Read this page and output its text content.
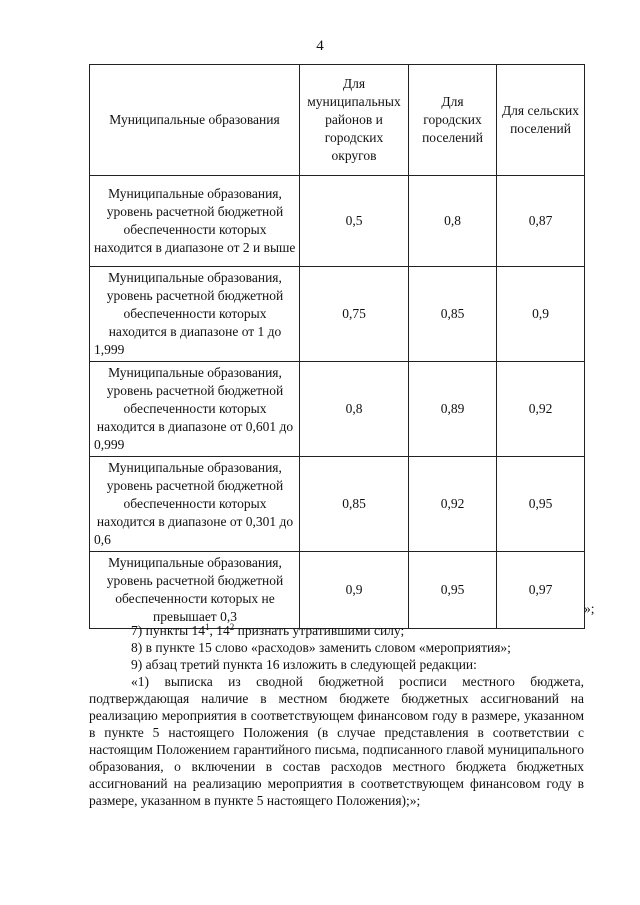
4
Муниципальные образования	Для муниципальных районов и городских округов	Для городских поселений	Для сельских поселений
Муниципальные образования, уровень расчетной бюджетной обеспеченности которых находится в диапазоне от 2 и выше	0,5	0,8	0,87
Муниципальные образования, уровень расчетной бюджетной обеспеченности которых находится в диапазоне от 1 до 1,999	0,75	0,85	0,9
Муниципальные образования, уровень расчетной бюджетной обеспеченности которых находится в диапазоне от 0,601 до 0,999	0,8	0,89	0,92
Муниципальные образования, уровень расчетной бюджетной обеспеченности которых находится в диапазоне от 0,301 до 0,6	0,85	0,92	0,95
Муниципальные образования, уровень расчетной бюджетной обеспеченности которых не превышает 0,3	0,9	0,95	0,97
»;

7) пункты $14^1$, $14^2$ признать утратившими силу;

8) в пункте 15 слово «расходов» заменить словом «мероприятия»;

9) абзац третий пункта 16 изложить в следующей редакции:

«1) выписка из сводной бюджетной росписи местного бюджета, подтверждающая наличие в местном бюджете бюджетных ассигнований на реализацию мероприятия в соответствующем финансовом году в размере, указанном в пункте 5 настоящего Положения (в случае представления в соответствии с настоящим Положением гарантийного письма, подписанного главой муниципального образования, о включении в состав расходов местного бюджета бюджетных ассигнований на реализацию мероприятия в соответствующем финансовом году в размере, указанном в пункте 5 настоящего Положения);»;
